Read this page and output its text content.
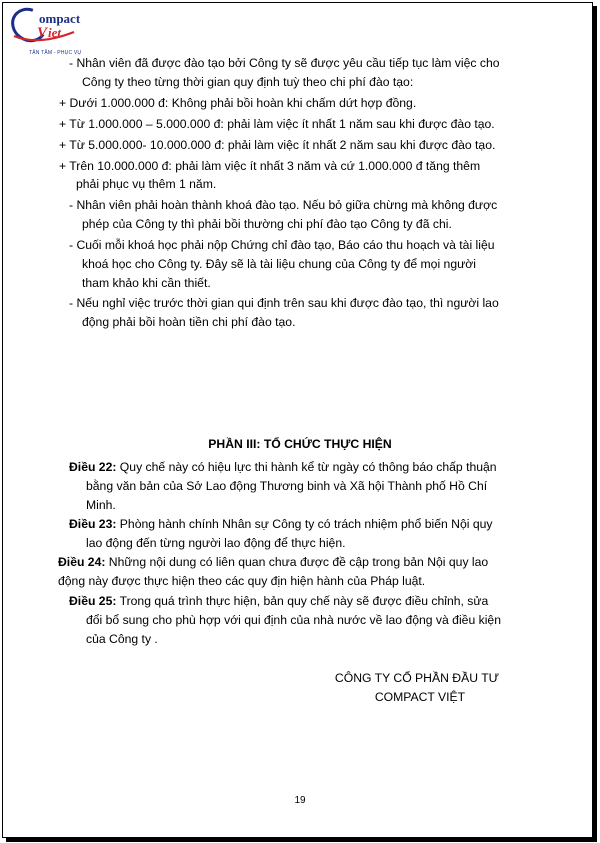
ompact
iet
V
TẬN TÂM - PHỤC VỤ
- Nhân viên đã được đào tạo bởi Công ty sẽ được yêu cầu tiếp tục làm việc cho
Công ty theo từng thời gian quy định tuỳ theo chi phí đào tạo:
+ Dưới 1.000.000 đ: Không phải bồi hoàn khi chấm dứt hợp đồng.
+ Từ 1.000.000 – 5.000.000 đ: phải làm việc ít nhất 1 năm sau khi được đào tạo.
+ Từ 5.000.000- 10.000.000 đ: phải làm việc ít nhất 2 năm sau khi được đào tạo.
+ Trên 10.000.000 đ: phải làm việc ít nhất 3 năm và cứ 1.000.000 đ tăng thêm
phải phục vụ thêm 1 năm.
- Nhân viên phải hoàn thành khoá đào tạo. Nếu bỏ giữa chừng mà không được
phép của Công ty thì phải bồi thường chi phí đào tạo Công ty đã chi.
- Cuối mỗi khoá học phải nộp Chứng chỉ đào tạo, Báo cáo thu hoạch và tài liệu
khoá học cho Công ty. Đây sẽ là tài liệu chung của Công ty để mọi người
tham khảo khi cần thiết.
- Nếu nghỉ việc trước thời gian qui định trên sau khi được đào tạo, thì người lao
động phải bồi hoàn tiền chi phí đào tạo.
PHẦN III: TỔ CHỨC THỰC HIỆN
Điều 22: Quy chế này có hiệu lực thi hành kể từ ngày có thông báo chấp thuận
bằng văn bản của Sở Lao động Thương binh và Xã hội Thành phố Hồ Chí
Minh.
Điều 23: Phòng hành chính Nhân sự Công ty có trách nhiệm phổ biến Nội quy
lao động đến từng người lao động để thực hiện.
Điều 24: Những nội dung có liên quan chưa được đề cập trong bản Nội quy lao
động này được thực hiện theo các quy địn hiện hành của Pháp luật.
Điều 25: Trong quá trình thực hiện, bản quy chế này sẽ được điều chỉnh, sửa
đổi bổ sung cho phù hợp với qui định của nhà nước về lao động và điều kiện
của Công ty .
CÔNG TY CỔ PHẦN ĐẦU TƯ
COMPACT VIỆT
19
